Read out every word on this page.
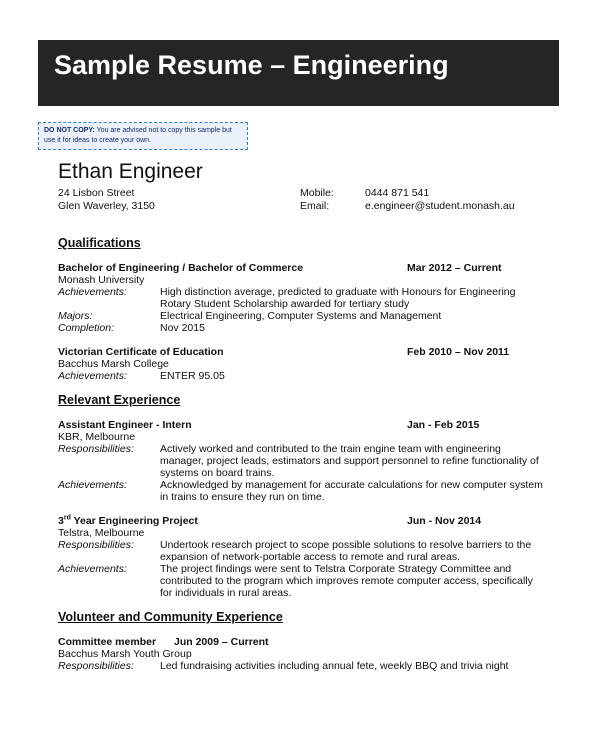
Sample Resume – Engineering
DO NOT COPY: You are advised not to copy this sample but use it for ideas to create your own.
Ethan Engineer
24 Lisbon Street
Glen Waverley, 3150
Mobile:	0444 871 541
Email:	e.engineer@student.monash.au
Qualifications
Bachelor of Engineering / Bachelor of Commerce	Mar 2012 – Current
Monash University
Achievements:	High distinction average, predicted to graduate with Honours for Engineering
Rotary Student Scholarship awarded for tertiary study
Majors:	Electrical Engineering, Computer Systems and Management
Completion:	Nov 2015
Victorian Certificate of Education	Feb 2010 – Nov 2011
Bacchus Marsh College
Achievements:	ENTER 95.05
Relevant Experience
Assistant Engineer - Intern	Jan - Feb 2015
KBR, Melbourne
Responsibilities: Actively worked and contributed to the train engine team with engineering manager, project leads, estimators and support personnel to refine functionality of systems on board trains.
Achievements:	Acknowledged by management for accurate calculations for new computer system in trains to ensure they run on time.
3rd Year Engineering Project	Jun - Nov 2014
Telstra, Melbourne
Responsibilities: Undertook research project to scope possible solutions to resolve barriers to the expansion of network-portable access to remote and rural areas.
Achievements:	The project findings were sent to Telstra Corporate Strategy Committee and contributed to the program which improves remote computer access, specifically for individuals in rural areas.
Volunteer and Community Experience
Committee member Jun 2009 – Current
Bacchus Marsh Youth Group
Responsibilities: Led fundraising activities including annual fete, weekly BBQ and trivia night
